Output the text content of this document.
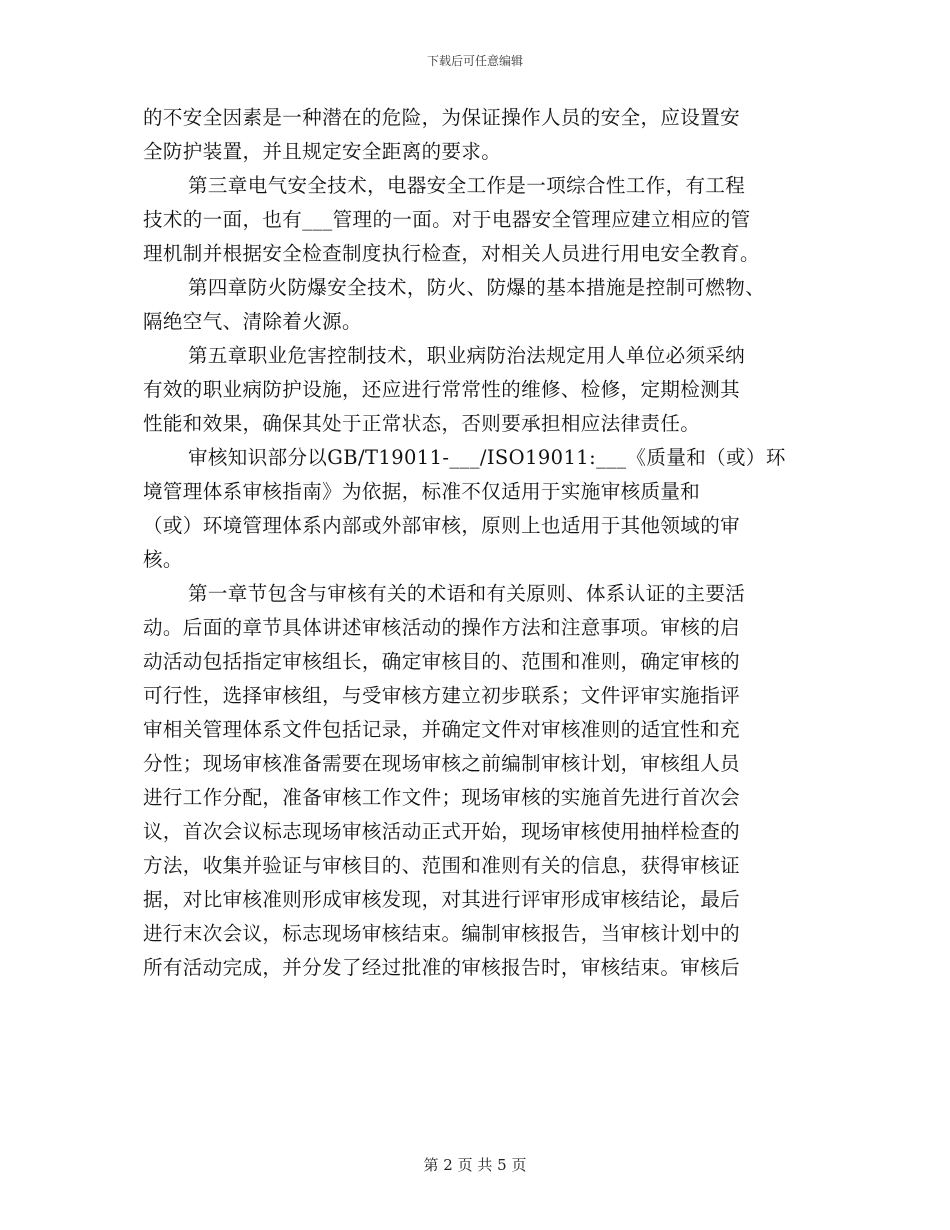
下载后可任意编辑
的不安全因素是一种潜在的危险，为保证操作人员的安全，应设置安
全防护装置，并且规定安全距离的要求。
第三章电气安全技术，电器安全工作是一项综合性工作，有工程
技术的一面，也有___管理的一面。对于电器安全管理应建立相应的管
理机制并根据安全检查制度执行检查，对相关人员进行用电安全教育。
第四章防火防爆安全技术，防火、防爆的基本措施是控制可燃物、
隔绝空气、清除着火源。
第五章职业危害控制技术，职业病防治法规定用人单位必须采纳
有效的职业病防护设施，还应进行常常性的维修、检修，定期检测其
性能和效果，确保其处于正常状态，否则要承担相应法律责任。
审核知识部分以GB/T19011-___/ISO19011:___《质量和（或）环
境管理体系审核指南》为依据，标准不仅适用于实施审核质量和
（或）环境管理体系内部或外部审核，原则上也适用于其他领域的审
核。
第一章节包含与审核有关的术语和有关原则、体系认证的主要活
动。后面的章节具体讲述审核活动的操作方法和注意事项。审核的启
动活动包括指定审核组长，确定审核目的、范围和准则，确定审核的
可行性，选择审核组，与受审核方建立初步联系；文件评审实施指评
审相关管理体系文件包括记录，并确定文件对审核准则的适宜性和充
分性；现场审核准备需要在现场审核之前编制审核计划，审核组人员
进行工作分配，准备审核工作文件；现场审核的实施首先进行首次会
议，首次会议标志现场审核活动正式开始，现场审核使用抽样检查的
方法，收集并验证与审核目的、范围和准则有关的信息，获得审核证
据，对比审核准则形成审核发现，对其进行评审形成审核结论，最后
进行末次会议，标志现场审核结束。编制审核报告，当审核计划中的
所有活动完成，并分发了经过批准的审核报告时，审核结束。审核后
第 2 页 共 5 页
